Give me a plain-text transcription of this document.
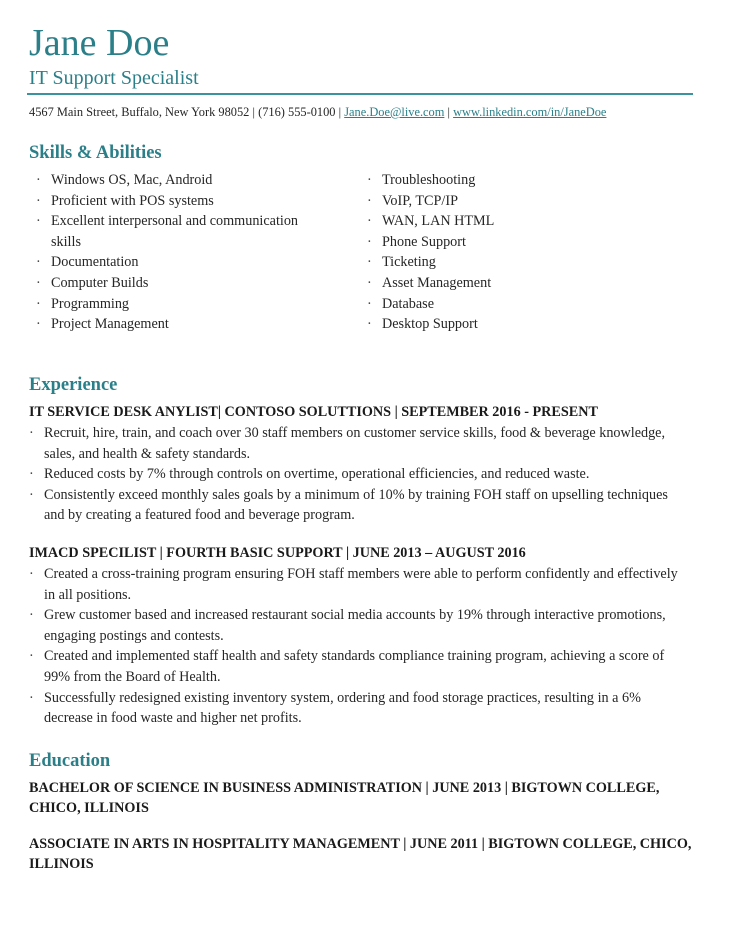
Jane Doe
IT Support Specialist
4567 Main Street, Buffalo, New York 98052 | (716) 555-0100 | Jane.Doe@live.com | www.linkedin.com/in/JaneDoe
Skills & Abilities
· Windows OS, Mac, Android
· Proficient with POS systems
· Excellent interpersonal and communication skills
· Documentation
· Computer Builds
· Programming
· Project Management
· Troubleshooting
· VoIP, TCP/IP
· WAN, LAN HTML
· Phone Support
· Ticketing
· Asset Management
· Database
· Desktop Support
Experience
IT SERVICE DESK ANYLIST| CONTOSO SOLUTTIONS | SEPTEMBER 2016 - PRESENT
· Recruit, hire, train, and coach over 30 staff members on customer service skills, food & beverage knowledge, sales, and health & safety standards.
· Reduced costs by 7% through controls on overtime, operational efficiencies, and reduced waste.
· Consistently exceed monthly sales goals by a minimum of 10% by training FOH staff on upselling techniques and by creating a featured food and beverage program.
IMACD SPECILIST | FOURTH BASIC SUPPORT | JUNE 2013 – AUGUST 2016
· Created a cross-training program ensuring FOH staff members were able to perform confidently and effectively in all positions.
· Grew customer based and increased restaurant social media accounts by 19% through interactive promotions, engaging postings and contests.
· Created and implemented staff health and safety standards compliance training program, achieving a score of 99% from the Board of Health.
· Successfully redesigned existing inventory system, ordering and food storage practices, resulting in a 6% decrease in food waste and higher net profits.
Education
BACHELOR OF SCIENCE IN BUSINESS ADMINISTRATION | JUNE 2013 | BIGTOWN COLLEGE, CHICO, ILLINOIS
ASSOCIATE IN ARTS IN HOSPITALITY MANAGEMENT | JUNE 2011 | BIGTOWN COLLEGE, CHICO, ILLINOIS
